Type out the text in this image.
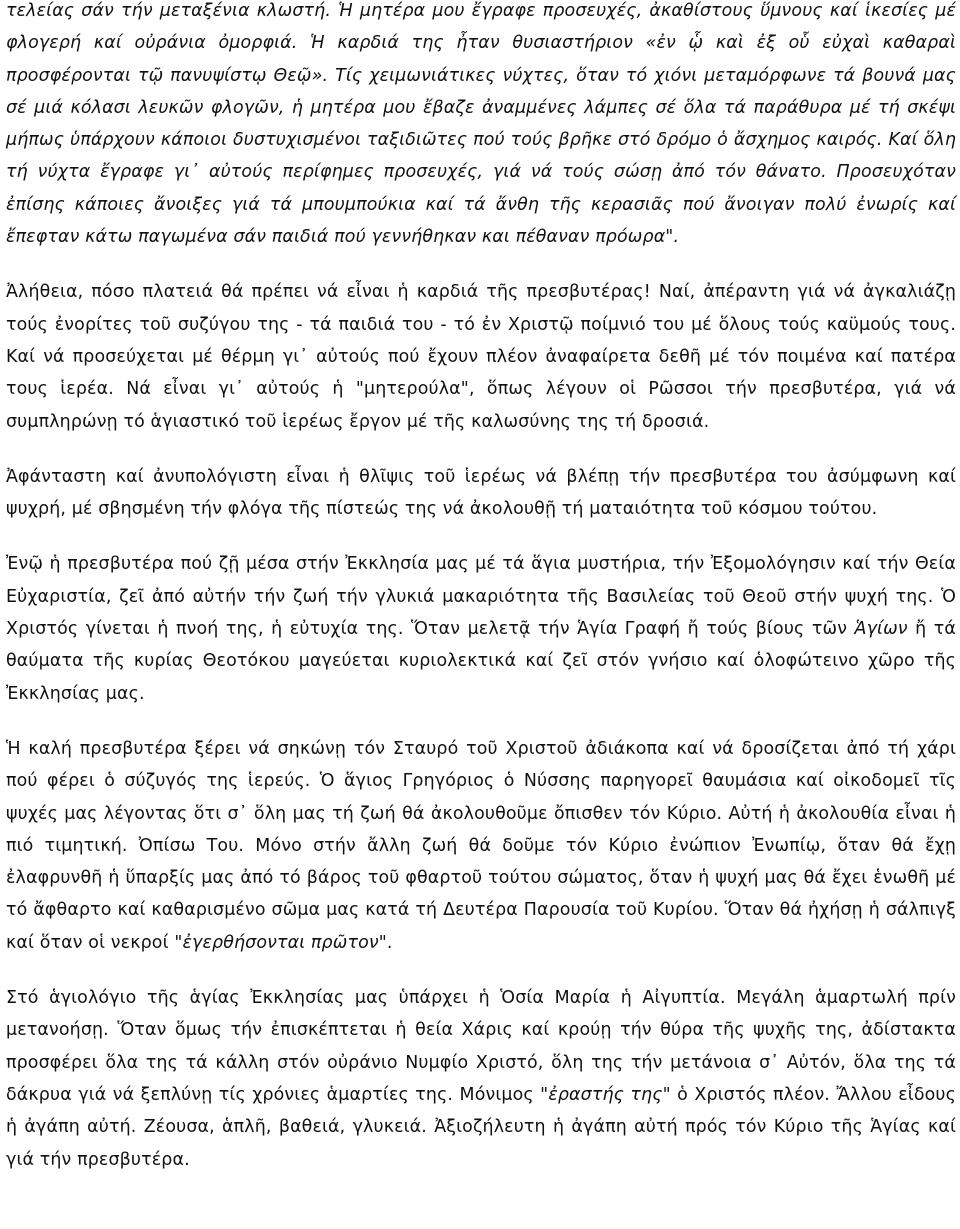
τελείας σάν τήν μεταξένια κλωστή. Ἡ μητέρα μου ἔγραφε προσευχές, ἀκαθίστους ὕμνους καί ἱκεσίες μέ φλογερή καί οὐράνια ὀμορφιά. Ἡ καρδιά της ἦταν θυσιαστήριον «ἐν ᾧ καὶ ἐξ οὗ εὐχαὶ καθαραὶ προσφέρονται τῷ πανυψίστῳ Θεῷ». Τίς χειμωνιάτικες νύχτες, ὅταν τό χιόνι μεταμόρφωνε τά βουνά μας σέ μιά κόλασι λευκῶν φλογῶν, ἡ μητέρα μου ἔβαζε ἀναμμένες λάμπες σέ ὅλα τά παράθυρα μέ τή σκέψι μήπως ὑπάρχουν κάποιοι δυστυχισμένοι ταξιδιῶτες πού τούς βρῆκε στό δρόμο ὁ ἄσχημος καιρός. Καί ὅλη τή νύχτα ἔγραφε γι᾽ αὐτούς περίφημες προσευχές, γιά νά τούς σώσῃ ἀπό τόν θάνατο. Προσευχόταν ἐπίσης κάποιες ἄνοιξες γιά τά μπουμπούκια καί τά ἄνθη τῆς κερασιᾶς πού ἄνοιγαν πολύ ἐνωρίς καί ἔπεφταν κάτω παγωμένα σάν παιδιά πού γεννήθηκαν και πέθαναν πρόωρα".

Ἀλήθεια, πόσο πλατειά θά πρέπει νά εἶναι ἡ καρδιά τῆς πρεσβυτέρας! Ναί, ἀπέραντη γιά νά ἀγκαλιάζῃ τούς ἐνορίτες τοῦ συζύγου της - τά παιδιά του - τό ἐν Χριστῷ ποίμνιό του μέ ὅλους τούς καϋμούς τους. Καί νά προσεύχεται μέ θέρμη γι᾽ αὐτούς πού ἔχουν πλέον ἀναφαίρετα δεθῆ μέ τόν ποιμένα καί πατέρα τους ἱερέα. Νά εἶναι γι᾽ αὐτούς ἡ "μητερούλα", ὅπως λέγουν οἱ Ρῶσσοι τήν πρεσβυτέρα, γιά νά συμπληρώνῃ τό ἁγιαστικό τοῦ ἱερέως ἔργον μέ τῆς καλωσύνης της τή δροσιά.

Ἀφάνταστη καί ἀνυπολόγιστη εἶναι ἡ θλῖψις τοῦ ἱερέως νά βλέπῃ τήν πρεσβυτέρα του ἀσύμφωνη καί ψυχρή, μέ σβησμένη τήν φλόγα τῆς πίστεώς της νά ἀκολουθῇ τή ματαιότητα τοῦ κόσμου τούτου.

Ἐνῷ ἡ πρεσβυτέρα πού ζῇ μέσα στήν Ἐκκλησία μας μέ τά ἅγια μυστήρια, τήν Ἐξομολόγησιν καί τήν Θεία Εὐχαριστία, ζεῖ ἀπό αὐτήν τήν ζωή τήν γλυκιά μακαριότητα τῆς Βασιλείας τοῦ Θεοῦ στήν ψυχή της. Ὁ Χριστός γίνεται ἡ πνοή της, ἡ εὐτυχία της. Ὅταν μελετᾷ τήν Ἁγία Γραφή ἤ τούς βίους τῶν Ἁγίων ἤ τά θαύματα τῆς κυρίας Θεοτόκου μαγεύεται κυριολεκτικά καί ζεῖ στόν γνήσιο καί ὁλοφώτεινο χῶρο τῆς Ἐκκλησίας μας.

Ἡ καλή πρεσβυτέρα ξέρει νά σηκώνῃ τόν Σταυρό τοῦ Χριστοῦ ἀδιάκοπα καί νά δροσίζεται ἀπό τή χάρι πού φέρει ὁ σύζυγός της ἱερεύς. Ὁ ἅγιος Γρηγόριος ὁ Νύσσης παρηγορεῖ θαυμάσια καί οἰκοδομεῖ τῖς ψυχές μας λέγοντας ὅτι σ᾽ ὅλη μας τή ζωή θά ἀκολουθοῦμε ὄπισθεν τόν Κύριο. Αὐτή ἡ ἀκολουθία εἶναι ἡ πιό τιμητική. Ὀπίσω Του. Μόνο στήν ἄλλη ζωή θά δοῦμε τόν Κύριο ἐνώπιον Ἐνωπίῳ, ὅταν θά ἔχῃ ἐλαφρυνθῆ ἡ ὕπαρξίς μας ἀπό τό βάρος τοῦ φθαρτοῦ τούτου σώματος, ὅταν ἡ ψυχή μας θά ἔχει ἑνωθῆ μέ τό ἄφθαρτο καί καθαρισμένο σῶμα μας κατά τή Δευτέρα Παρουσία τοῦ Κυρίου. Ὅταν θά ἠχήσῃ ἡ σάλπιγξ καί ὅταν οἱ νεκροί "ἐγερθήσονται πρῶτον".

Στό ἁγιολόγιο τῆς ἁγίας Ἐκκλησίας μας ὑπάρχει ἡ Ὁσία Μαρία ἡ Αἰγυπτία. Μεγάλη ἁμαρτωλή πρίν μετανοήσῃ. Ὅταν ὅμως τήν ἐπισκέπτεται ἡ θεία Χάρις καί κρούῃ τήν θύρα τῆς ψυχῆς της, ἀδίστακτα προσφέρει ὅλα της τά κάλλη στόν οὐράνιο Νυμφίο Χριστό, ὅλη της τήν μετάνοια σ᾽ Αὐτόν, ὅλα της τά δάκρυα γιά νά ξεπλύνῃ τίς χρόνιες ἁμαρτίες της. Μόνιμος "ἐραστής της" ὁ Χριστός πλέον. Ἄλλου εἶδους ἡ ἀγάπη αὐτή. Ζέουσα, ἁπλῆ, βαθειά, γλυκειά. Ἀξιοζήλευτη ἡ ἀγάπη αὐτή πρός τόν Κύριο τῆς Ἁγίας καί γιά τήν πρεσβυτέρα.
